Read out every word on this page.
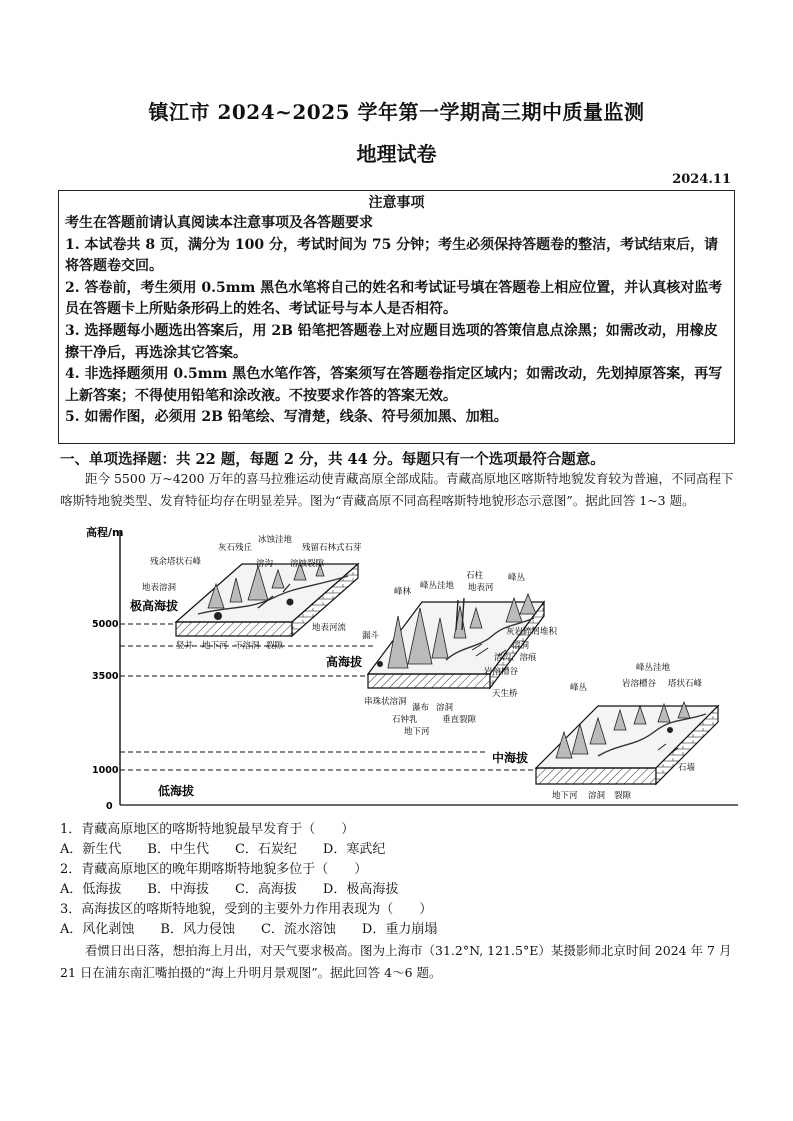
镇江市 2024~2025 学年第一学期高三期中质量监测
地理试卷
2024.11
注意事项

考生在答题前请认真阅读本注意事项及各答题要求

1. 本试卷共 8 页，满分为 100 分，考试时间为 75 分钟；考生必须保持答题卷的整洁，考试结束后，请将答题卷交回。

2. 答卷前，考生须用 0.5mm 黑色水笔将自己的姓名和考试证号填在答题卷上相应位置，并认真核对监考员在答题卡上所贴条形码上的姓名、考试证号与本人是否相符。

3. 选择题每小题选出答案后，用 2B 铅笔把答题卷上对应题目选项的答策信息点涂黑；如需改动，用橡皮擦干净后，再选涂其它答案。

4. 非选择题须用 0.5mm 黑色水笔作答，答案须写在答题卷指定区域内；如需改动，先划掉原答案，再写上新答案；不得使用铅笔和涂改液。不按要求作答的答案无效。

5. 如需作图，必须用 2B 铅笔绘、写清楚，线条、符号须加黑、加粗。

一、单项选择题：共 22 题，每题 2 分，共 44 分。每题只有一个选项最符合题意。
距今 5500 万~4200 万年的喜马拉雅运动使青藏高原全部成陆。青藏高原地区喀斯特地貌发育较为普遍，不同高程下喀斯特地貌类型、发育特征均存在明显差异。图为“青藏高原不同高程喀斯特地貌形态示意图”。据此回答 1~3 题。
高程/m
5000
3500
1000
0
极高海拔
高海拔
中海拔
低海拔
灰石残丘
冰蚀洼地
残留石林式石芽
残余塔状石峰	溶沟 溶蚀裂隙
地表溶洞
地表河流
竖井 地下河 干溶洞 裂隙
石柱
峰林
峰丛洼地 地表河
峰丛
灰岩碎屑堆积
溶洞
漏斗
溶沟、溶痕
岩溶槽谷
天生桥
串珠状溶洞
瀑布 溶洞
石钟乳	垂直裂隙
地下河
峰丛洼地
峰丛	岩溶槽谷 塔状石峰
石墙
地下河 溶洞 裂隙
1．青藏高原地区的喀斯特地貌最早发育于（　　）
A．新生代 B．中生代 C．石炭纪 D．寒武纪
2．青藏高原地区的晚年期喀斯特地貌多位于（　　）
A．低海拔 B．中海拔 C．高海拔 D．极高海拔
3．高海拔区的喀斯特地貌，受到的主要外力作用表现为（　　）
A．风化剥蚀 B．风力侵蚀 C．流水溶蚀 D．重力崩塌
看惯日出日落，想拍海上月出，对天气要求极高。图为上海市（31.2°N, 121.5°E）某摄影师北京时间 2024 年 7 月 21 日在浦东南汇嘴拍摄的“海上升明月景观图”。据此回答 4～6 题。
